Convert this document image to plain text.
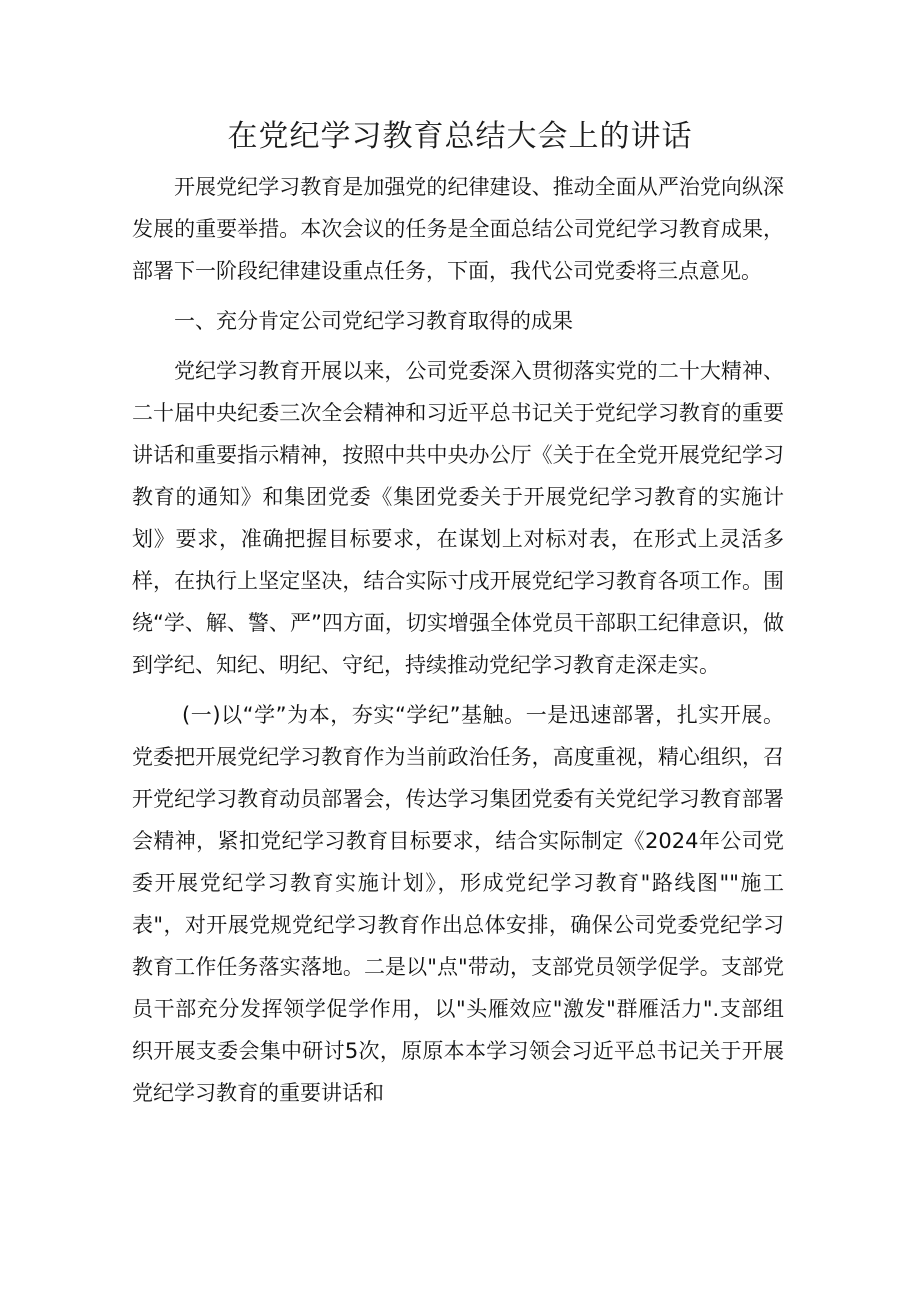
在党纪学习教育总结大会上的讲话

开展党纪学习教育是加强党的纪律建设、推动全面从严治党向纵深发展的重要举措。本次会议的任务是全面总结公司党纪学习教育成果，部署下一阶段纪律建设重点任务，下面，我代公司党委将三点意见。

一、充分肯定公司党纪学习教育取得的成果

党纪学习教育开展以来，公司党委深入贯彻落实党的二十大精神、二十届中央纪委三次全会精神和习近平总书记关于党纪学习教育的重要讲话和重要指示精神，按照中共中央办公厅《关于在全党开展党纪学习教育的通知》和集团党委《集团党委关于开展党纪学习教育的实施计划》要求，准确把握目标要求，在谋划上对标对表，在形式上灵活多样，在执行上坚定坚决，结合实际寸戌开展党纪学习教育各项工作。围绕“学、解、警、严”四方面，切实增强全体党员干部职工纪律意识，做到学纪、知纪、明纪、守纪，持续推动党纪学习教育走深走实。

(一)以“学”为本，夯实“学纪”基触。一是迅速部署，扎实开展。党委把开展党纪学习教育作为当前政治任务，高度重视，精心组织，召开党纪学习教育动员部署会，传达学习集团党委有关党纪学习教育部署会精神，紧扣党纪学习教育目标要求，结合实际制定《2024年公司党委开展党纪学习教育实施计划》，形成党纪学习教育"路线图""施工表"，对开展党规党纪学习教育作出总体安排，确保公司党委党纪学习教育工作任务落实落地。二是以"点"带动，支部党员领学促学。支部党员干部充分发挥领学促学作用，以"头雁效应"激发"群雁活力".支部组织开展支委会集中研讨5次，原原本本学习领会习近平总书记关于开展党纪学习教育的重要讲话和
